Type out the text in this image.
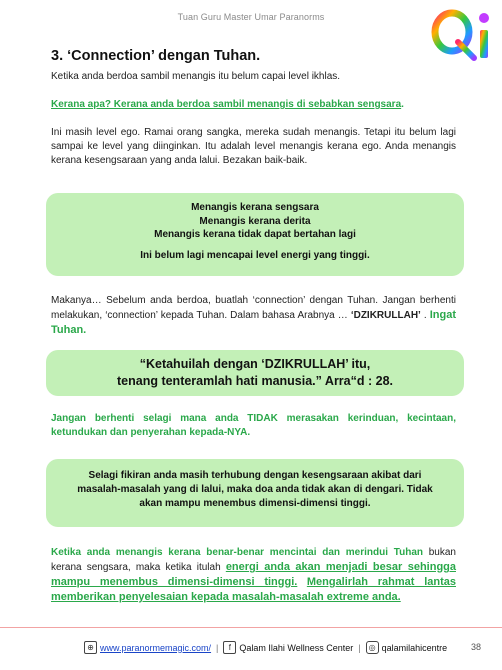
Tuan Guru Master Umar Paranorms
3. ‘Connection’ dengan Tuhan.
Ketika anda berdoa sambil menangis itu belum capai level ikhlas.
Kerana apa? Kerana anda berdoa sambil menangis di sebabkan sengsara.
Ini masih level ego. Ramai orang sangka, mereka sudah menangis. Tetapi itu belum lagi sampai ke level yang diinginkan. Itu adalah level menangis kerana ego. Anda menangis kerana kesengsaraan yang anda lalui. Bezakan baik-baik.
Menangis kerana sengsara
Menangis kerana derita
Menangis kerana tidak dapat bertahan lagi
Ini belum lagi mencapai level energi yang tinggi.
Makanya… Sebelum anda berdoa, buatlah ‘connection’ dengan Tuhan. Jangan berhenti melakukan, ‘connection’ kepada Tuhan. Dalam bahasa Arabnya … ‘DZIKRULLAH’ . Ingat Tuhan.
“Ketahuilah dengan ‘DZIKRULLAH’ itu,
tenang tenteramlah hati manusia.” Arra“d : 28.
Jangan berhenti selagi mana anda TIDAK merasakan kerinduan, kecintaan, ketundukan dan penyerahan kepada-NYA.
Selagi fikiran anda masih terhubung dengan kesengsaraan akibat dari masalah-masalah yang di lalui, maka doa anda tidak akan di dengari. Tidak akan mampu menembus dimensi-dimensi tinggi.
Ketika anda menangis kerana benar-benar mencintai dan merindui Tuhan bukan kerana sengsara, maka ketika itulah energi anda akan menjadi besar sehingga mampu menembus dimensi-dimensi tinggi. Mengalirlah rahmat lantas memberikan penyelesaian kepada masalah-masalah extreme anda.
⊕ www.paranormemagic.com/ |	f Qalam Ilahi Wellness Center |	◎ qalamilahicentre	38
